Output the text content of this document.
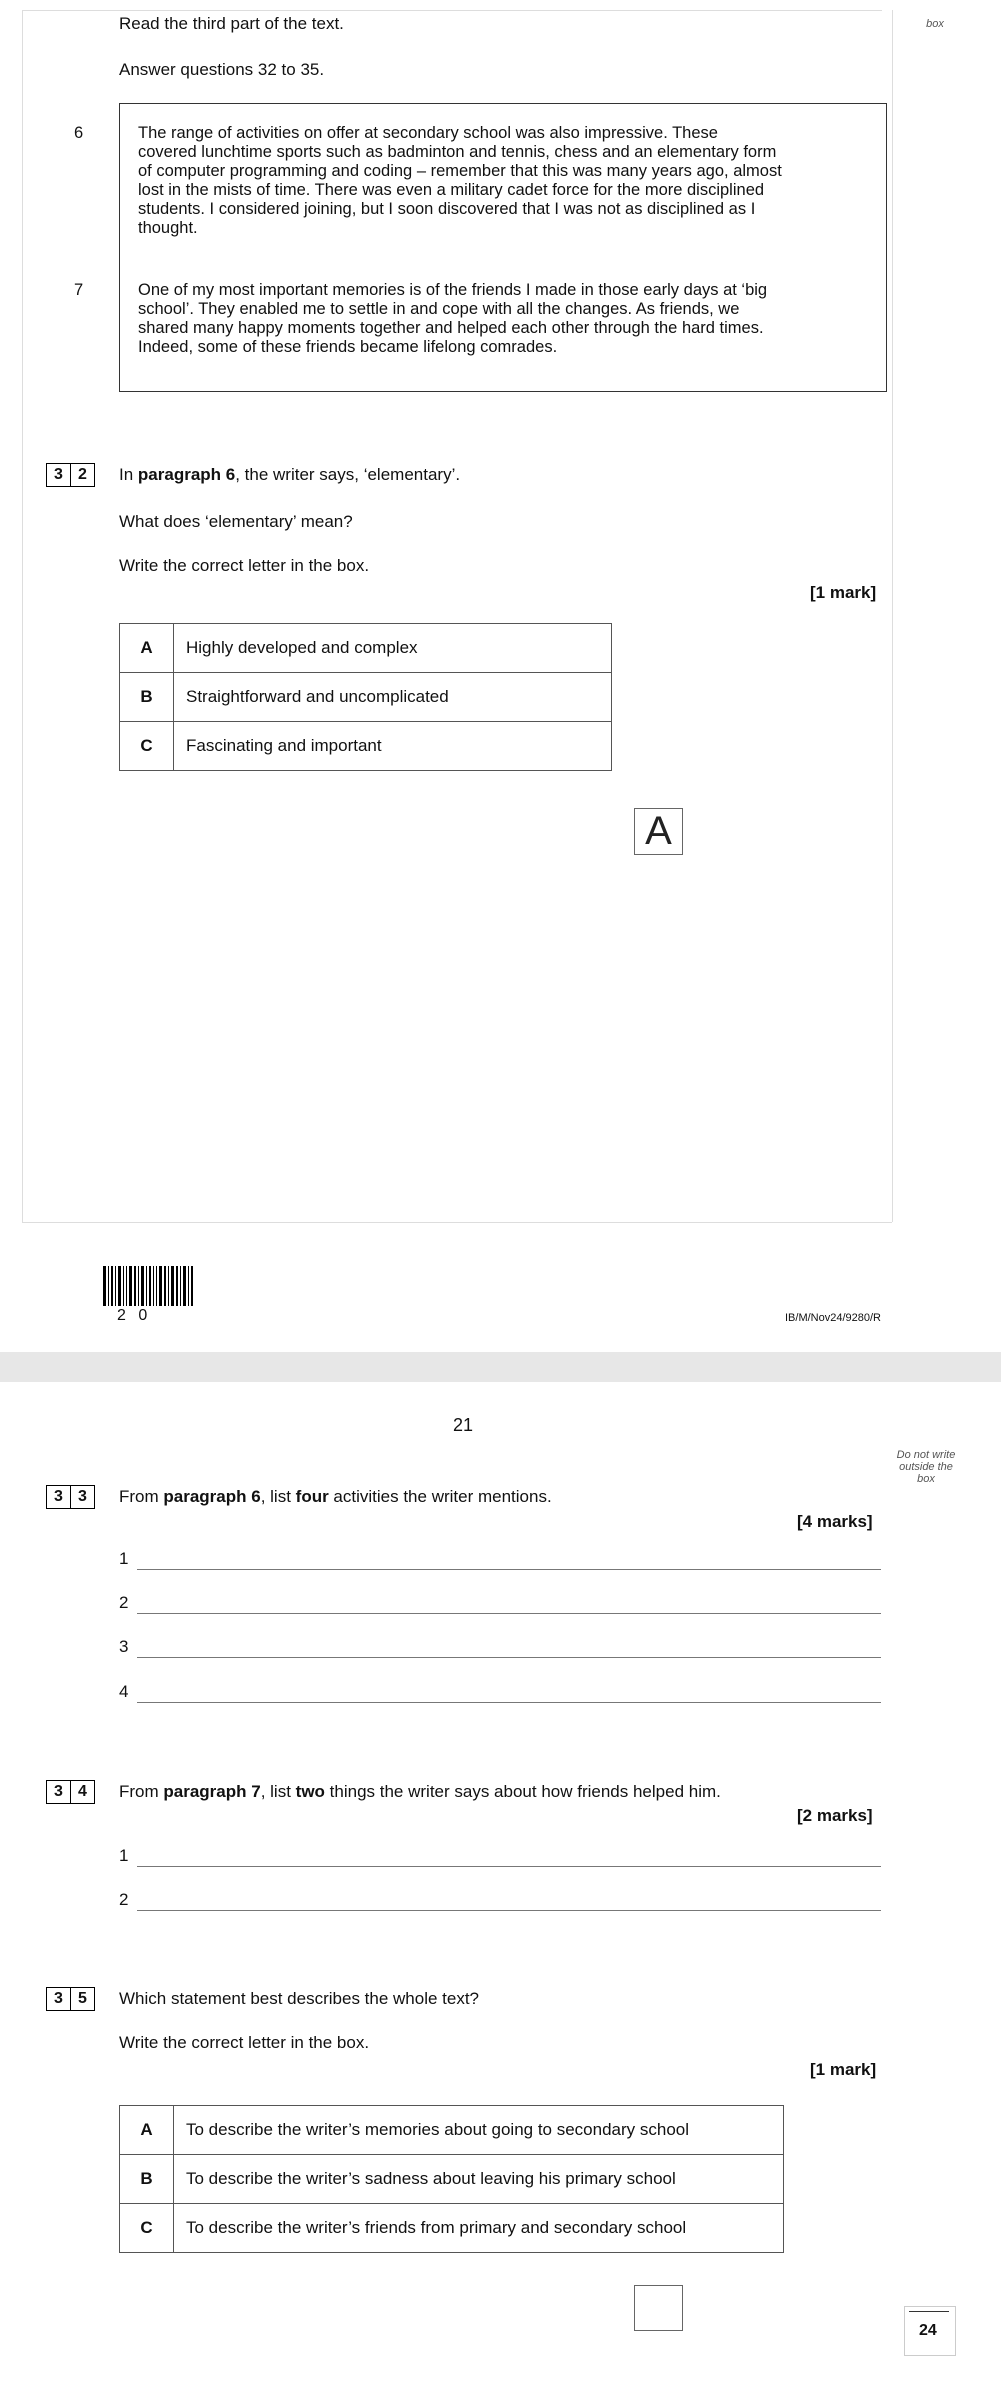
Read the third part of the text.	box
Answer questions 32 to 35.
6
7
The range of activities on offer at secondary school was also impressive. These
covered lunchtime sports such as badminton and tennis, chess and an elementary form
of computer programming and coding – remember that this was many years ago, almost
lost in the mists of time. There was even a military cadet force for the more disciplined
students. I considered joining, but I soon discovered that I was not as disciplined as I
thought.
One of my most important memories is of the friends I made in those early days at ‘big
school’. They enabled me to settle in and cope with all the changes. As friends, we
shared many happy moments together and helped each other through the hard times.
Indeed, some of these friends became lifelong comrades.
3 2	In paragraph 6, the writer says, ‘elementary’.
What does ‘elementary’ mean?
Write the correct letter in the box.
[1 mark]
A	Highly developed and complex
B	Straightforward and uncomplicated
C	Fascinating and important
A
2 0	IB/M/Nov24/9280/R
21
Do not write
outside the
box
3 3	From paragraph 6, list four activities the writer mentions.
[4 marks]
1
2
3
4
3 4	From paragraph 7, list two things the writer says about how friends helped him.
[2 marks]
1
2
3 5	Which statement best describes the whole text?
Write the correct letter in the box.
[1 mark]
A	To describe the writer’s memories about going to secondary school
B	To describe the writer’s sadness about leaving his primary school
C	To describe the writer’s friends from primary and secondary school
24
